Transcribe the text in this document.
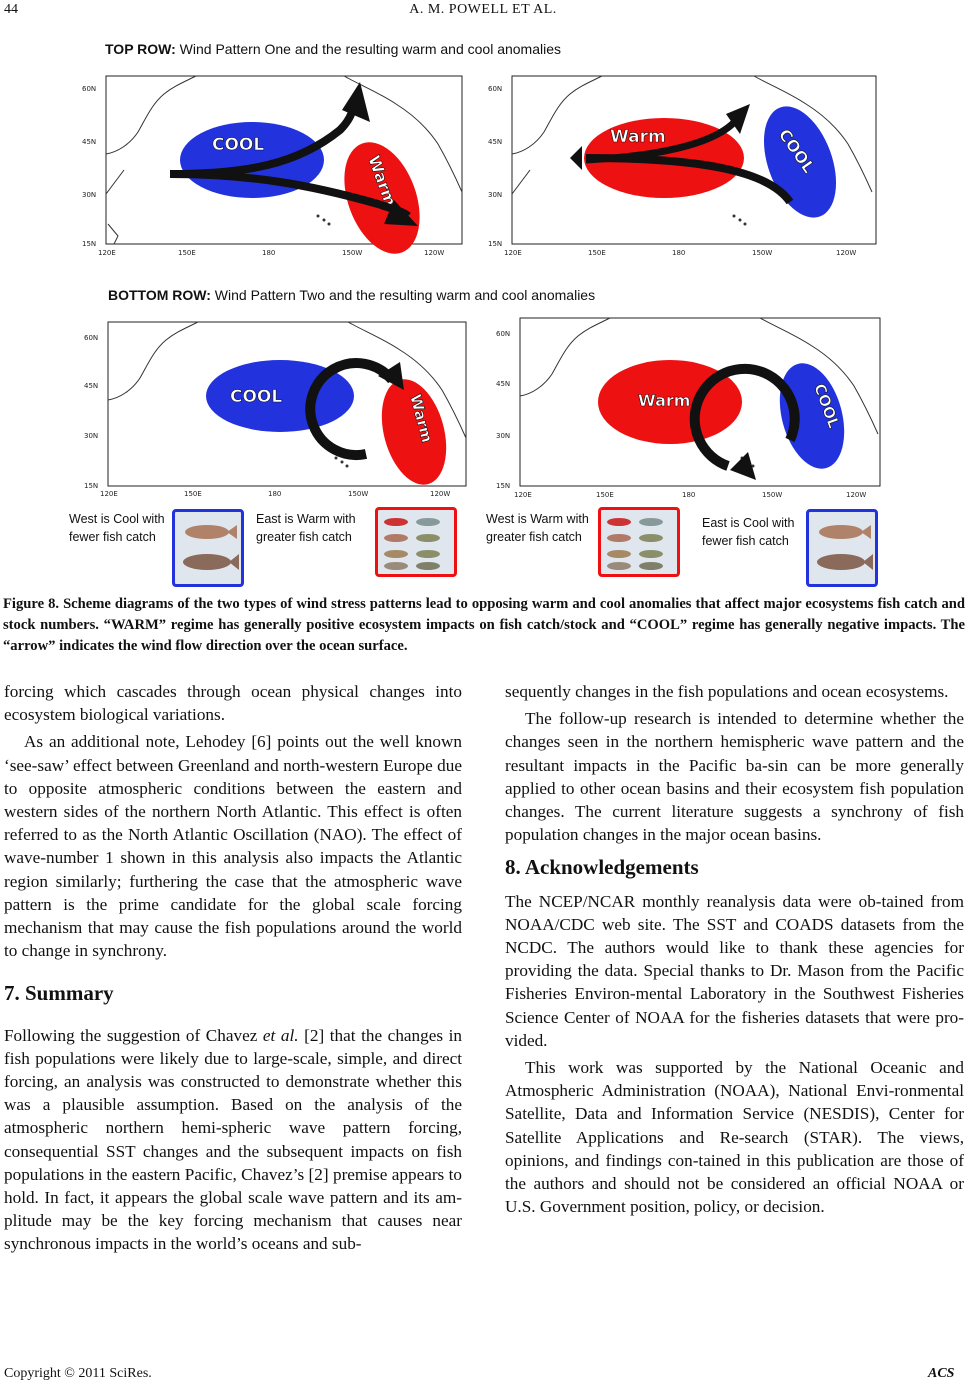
44	A. M. POWELL ET AL.
TOP ROW: Wind Pattern One and the resulting warm and cool anomalies
BOTTOM ROW: Wind Pattern Two and the resulting warm and cool anomalies
60N
45N
30N
15N
120E	150E	180	150W	120W
COOL
Warm
60N
45N
30N
15N
120E	150E	180	150W	120W
Warm	COOL
60N
45N
30N
15N
120E	150E	180	150W	120W
COOL	Warm
60N
45N
30N
15N
120E	150E	180	150W	120W
Warm	COOL
West is Cool with fewer fish catch
East is Warm with greater fish catch
West is Warm with greater fish catch
East is Cool with fewer fish catch
Figure 8. Scheme diagrams of the two types of wind stress patterns lead to opposing warm and cool anomalies that affect major ecosystems fish catch and stock numbers. “WARM” regime has generally positive ecosystem impacts on fish catch/stock and “COOL” regime has generally negative impacts. The “arrow” indicates the wind flow direction over the ocean surface.

forcing which cascades through ocean physical changes into ecosystem biological variations.

As an additional note, Lehodey [6] points out the well known ‘see-saw’ effect between Greenland and north-western Europe due to opposite atmospheric conditions between the eastern and western sides of the northern North Atlantic. This effect is often referred to as the North Atlantic Oscillation (NAO). The effect of wave-number 1 shown in this analysis also impacts the Atlantic region similarly; furthering the case that the atmospheric wave pattern is the prime candidate for the global scale forcing mechanism that may cause the fish populations around the world to change in synchrony.

7. Summary

Following the suggestion of Chavez et al. [2] that the changes in fish populations were likely due to large-scale, simple, and direct forcing, an analysis was constructed to demonstrate whether this was a plausible assumption. Based on the analysis of the atmospheric northern hemi-spheric wave pattern forcing, consequential SST changes and the subsequent impacts on fish populations in the eastern Pacific, Chavez’s [2] premise appears to hold. In fact, it appears the global scale wave pattern and its am-plitude may be the key forcing mechanism that causes near synchronous impacts in the world’s oceans and sub-

sequently changes in the fish populations and ocean ecosystems.

The follow-up research is intended to determine whether the changes seen in the northern hemispheric wave pattern and the resultant impacts in the Pacific ba-sin can be more generally applied to other ocean basins and their ecosystem fish population changes. The current literature suggests a synchrony of fish population changes in the major ocean basins.

8. Acknowledgements

The NCEP/NCAR monthly reanalysis data were ob-tained from NOAA/CDC web site. The SST and COADS datasets from the NCDC. The authors would like to thank these agencies for providing the data. Special thanks to Dr. Mason from the Pacific Fisheries Environ-mental Laboratory in the Southwest Fisheries Science Center of NOAA for the fisheries datasets that were pro-vided.

This work was supported by the National Oceanic and Atmospheric Administration (NOAA), National Envi-ronmental Satellite, Data and Information Service (NESDIS), Center for Satellite Applications and Re-search (STAR). The views, opinions, and findings con-tained in this publication are those of the authors and should not be considered an official NOAA or U.S. Government position, policy, or decision.

Copyright © 2011 SciRes.	ACS
